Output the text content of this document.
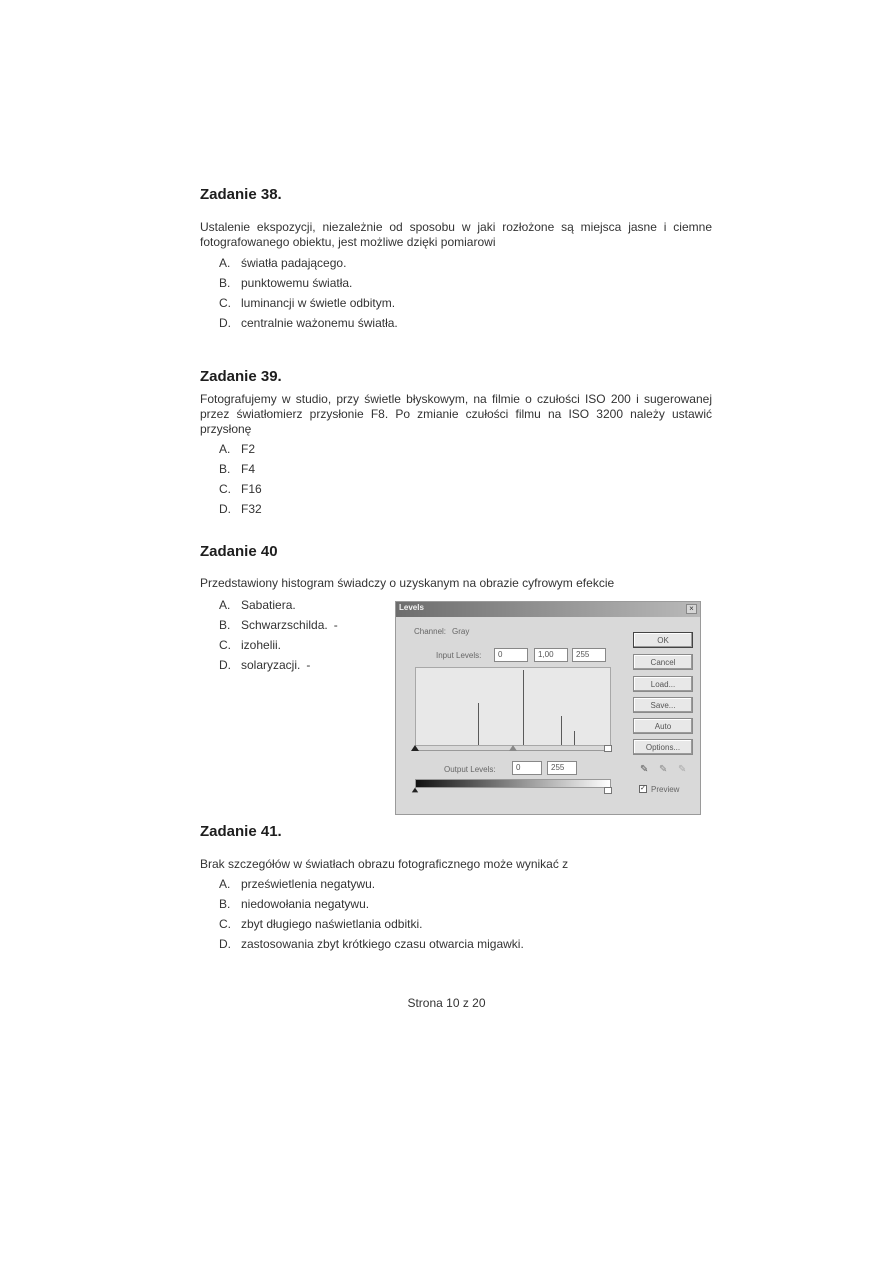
Zadanie 38.

Ustalenie ekspozycji, niezależnie od sposobu w jaki rozłożone są miejsca jasne i ciemne fotografowanego obiektu, jest możliwe dzięki pomiarowi

A. światła padającego.
B. punktowemu światła.
C. luminancji w świetle odbitym.
D. centralnie ważonemu światła.
Zadanie 39.

Fotografujemy w studio, przy świetle błyskowym, na filmie o czułości ISO 200 i sugerowanej przez światłomierz przysłonie F8. Po zmianie czułości filmu na ISO 3200 należy ustawić przysłonę

A. F2
B. F4
C. F16
D. F32
Zadanie 40

Przedstawiony histogram świadczy o uzyskanym na obrazie cyfrowym efekcie

A. Sabatiera.
B. Schwarzschilda. -
C. izohelii.
D. solaryzacji. -
Levels	×
Channel: Gray
Input Levels:	0	1,00	255
Output Levels:	0	255
OK
Cancel
Load...
Save...
Auto
Options...
✎ ✎ ✎
✓ Preview
Zadanie 41.

Brak szczegółów w światłach obrazu fotograficznego może wynikać z

A. prześwietlenia negatywu.
B. niedowołania negatywu.
C. zbyt długiego naświetlania odbitki.
D. zastosowania zbyt krótkiego czasu otwarcia migawki.
Strona 10 z 20
